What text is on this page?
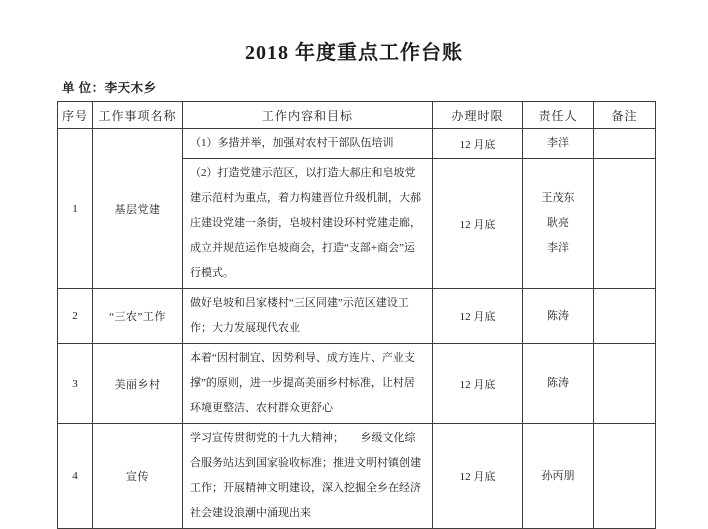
2018 年度重点工作台账
单 位：李天木乡
序号	工作事项名称	工作内容和目标	办理时限	责任人	备注
1	基层党建	（1）多措并举，加强对农村干部队伍培训	12 月底	李洋	

		（2）打造党建示范区，以打造大郝庄和皂坡党建示范村为重点，着力构建晋位升级机制，大郝庄建设党建一条街，皂坡村建设环村党建走廊，成立并规范运作皂坡商会，打造“支部+商会”运行模式。	12 月底	王茂东
耿亮
李洋	

2	“三农”工作	做好皂坡和吕家楼村“三区同建”示范区建设工作；大力发展现代农业	12 月底	陈涛	

3	美丽乡村	本着“因村制宜、因势利导、成方连片、产业支撑”的原则，进一步提高美丽乡村标准，让村居环境更整洁、农村群众更舒心	12 月底	陈涛	

4	宣传	学习宣传贯彻党的十九大精神；　　乡级文化综合服务站达到国家验收标准；推进文明村镇创建工作；开展精神文明建设，深入挖掘全乡在经济社会建设浪潮中涌现出来	12 月底	孙丙朋	
